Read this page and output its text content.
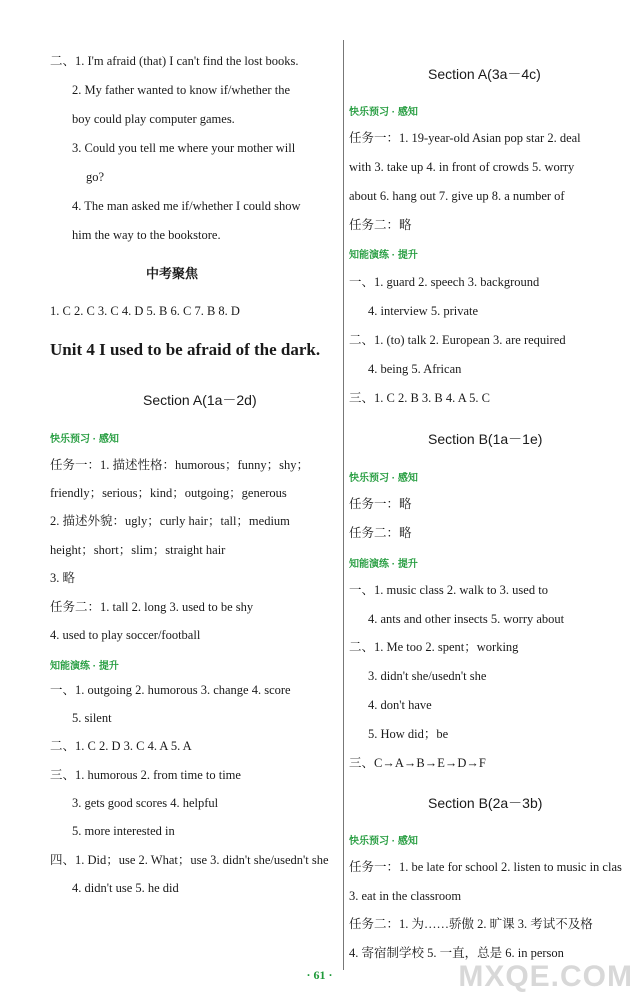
二、1. I'm afraid (that) I can't find the lost books.
2. My father wanted to know if/whether the
boy could play computer games.
3. Could you tell me where your mother will
go?
4. The man asked me if/whether I could show
him the way to the bookstore.
中考聚焦
1. C 2. C 3. C 4. D 5. B 6. C 7. B 8. D
Unit 4 I used to be afraid of the dark.
Section A(1a－2d)
快乐预习 · 感知
任务一：1. 描述性格：humorous；funny；shy；
friendly；serious；kind；outgoing；generous
2. 描述外貌：ugly；curly hair；tall；medium
height；short；slim；straight hair
3. 略
任务二：1. tall 2. long 3. used to be shy
4. used to play soccer/football
知能演练 · 提升
一、1. outgoing 2. humorous 3. change 4. score
5. silent
二、1. C 2. D 3. C 4. A 5. A
三、1. humorous 2. from time to time
3. gets good scores 4. helpful
5. more interested in
四、1. Did；use 2. What；use 3. didn't she/usedn't she
4. didn't use 5. he did
Section A(3a－4c)
快乐预习 · 感知
任务一：1. 19-year-old Asian pop star 2. deal
with 3. take up 4. in front of crowds 5. worry
about 6. hang out 7. give up 8. a number of
任务二：略
知能演练 · 提升
一、1. guard 2. speech 3. background
4. interview 5. private
二、1. (to) talk 2. European 3. are required
4. being 5. African
三、1. C 2. B 3. B 4. A 5. C
Section B(1a－1e)
快乐预习 · 感知
任务一：略
任务二：略
知能演练 · 提升
一、1. music class 2. walk to 3. used to
4. ants and other insects 5. worry about
二、1. Me too 2. spent；working
3. didn't she/usedn't she
4. don't have
5. How did；be
三、C→A→B→E→D→F
Section B(2a－3b)
快乐预习 · 感知
任务一：1. be late for school 2. listen to music in clas
3. eat in the classroom
任务二：1. 为……骄傲 2. 旷课 3. 考试不及格
4. 寄宿制学校 5. 一直，总是 6. in person
· 61 ·	MXQE.COM
